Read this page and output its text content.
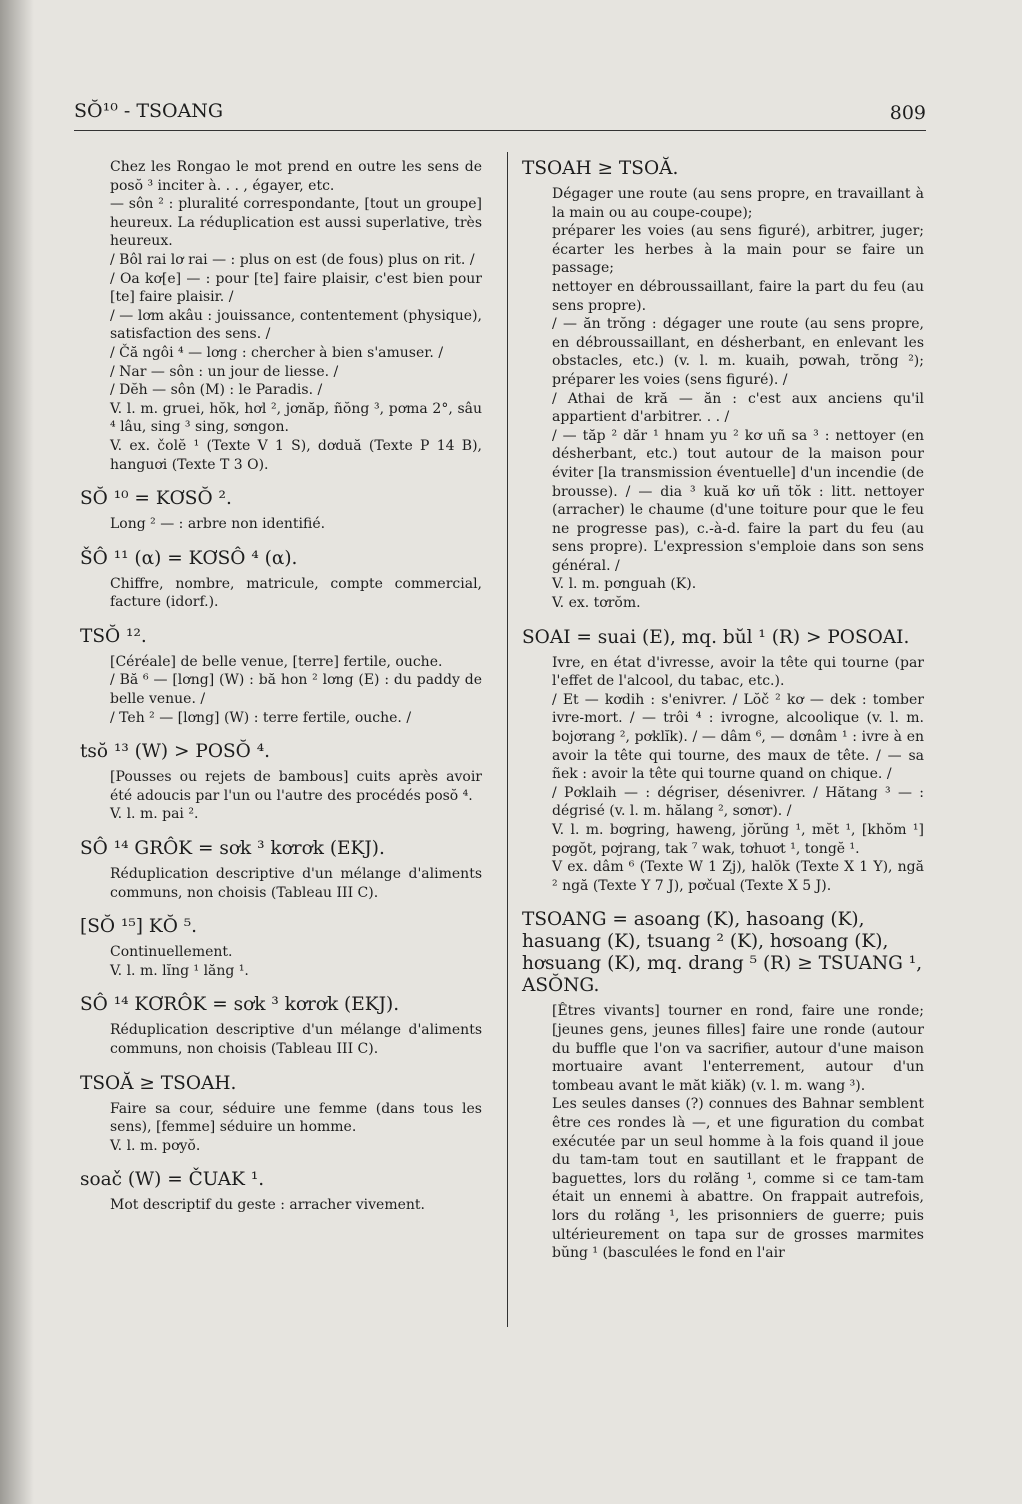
SŎ¹⁰ - TSOANG	809

Chez les Rongao le mot prend en outre les sens de posŏ ³ inciter à. . . , égayer, etc.

— sôn ² : pluralité correspondante, [tout un groupe] heureux. La réduplication est aussi superlative, très heureux.

/ Bôl rai lơ rai — : plus on est (de fous) plus on rit. /

/ Oa kơ[e] — : pour [te] faire plaisir, c'est bien pour [te] faire plaisir. /

/ — lơm akâu : jouissance, contentement (physique), satisfaction des sens. /

/ Čă ngôi ⁴ — lơng : chercher à bien s'amuser. /

/ Nar — sôn : un jour de liesse. /

/ Dĕh — sôn (M) : le Paradis. /

V. l. m. gruei, hŏk, hơl ², jơnăp, ñŏng ³, pơma 2°, sâu ⁴ lâu, sing ³ sing, sơngon.

V. ex. čolĕ ¹ (Texte V 1 S), dơduă (Texte P 14 B), hanguơi (Texte T 3 O).

SŎ ¹⁰ = KƠSŎ ².

Long ² — : arbre non identifié.

ŠÔ ¹¹ (α) = KƠSÔ ⁴ (α).

Chiffre, nombre, matricule, compte commercial, facture (idorf.).

TSŎ ¹².

[Céréale] de belle venue, [terre] fertile, ouche.

/ Bă ⁶ — [lơng] (W) : bă hon ² lơng (E) : du paddy de belle venue. /

/ Teh ² — [lơng] (W) : terre fertile, ouche. /

tsŏ ¹³ (W) > POSŎ ⁴.

[Pousses ou rejets de bambous] cuits après avoir été adoucis par l'un ou l'autre des procédés posŏ ⁴.

V. l. m. pai ².

SÔ ¹⁴ GRÔK = sơk ³ kơrơk (EKJ).

Réduplication descriptive d'un mélange d'aliments communs, non choisis (Tableau III C).

[SŎ ¹⁵] KŎ ⁵.

Continuellement.

V. l. m. lĭng ¹ lăng ¹.

SÔ ¹⁴ KƠRÔK = sơk ³ kơrơk (EKJ).

Réduplication descriptive d'un mélange d'aliments communs, non choisis (Tableau III C).

TSOĂ ≥ TSOAH.

Faire sa cour, séduire une femme (dans tous les sens), [femme] séduire un homme.

V. l. m. pơyŏ.

soač (W) = ČUAK ¹.

Mot descriptif du geste : arracher vivement.

TSOAH ≥ TSOĂ.

Dégager une route (au sens propre, en travaillant à la main ou au coupe-coupe);

préparer les voies (au sens figuré), arbitrer, juger; écarter les herbes à la main pour se faire un passage;

nettoyer en débroussaillant, faire la part du feu (au sens propre).

/ — ăn trŏng : dégager une route (au sens propre, en débroussaillant, en désherbant, en enlevant les obstacles, etc.) (v. l. m. kuaih, pơwah, trŏng ²); préparer les voies (sens figuré). /

/ Athai de kră — ăn : c'est aux anciens qu'il appartient d'arbitrer. . . /

/ — tăp ² dăr ¹ hnam yu ² kơ uñ sa ³ : nettoyer (en désherbant, etc.) tout autour de la maison pour éviter [la transmission éventuelle] d'un incendie (de brousse). / — dia ³ kuă kơ uñ tŏk : litt. nettoyer (arracher) le chaume (d'une toiture pour que le feu ne progresse pas), c.-à-d. faire la part du feu (au sens propre). L'expression s'emploie dans son sens général. /

V. l. m. pơnguah (K).

V. ex. tơrŏm.

SOAI = suai (E), mq. bŭl ¹ (R) > POSOAI.

Ivre, en état d'ivresse, avoir la tête qui tourne (par l'effet de l'alcool, du tabac, etc.).

/ Et — kơdih : s'enivrer. / Lŏč ² kơ — dek : tomber ivre-mort. / — trôi ⁴ : ivrogne, alcoolique (v. l. m. bojơrang ², pơklĭk). / — dâm ⁶, — dơnâm ¹ : ivre à en avoir la tête qui tourne, des maux de tête. / — sa ñek : avoir la tête qui tourne quand on chique. /

/ Pơklaih — : dégriser, désenivrer. / Hătang ³ — : dégrisé (v. l. m. hălang ², sơnơr). /

V. l. m. bơgring, haweng, jŏrŭng ¹, mĕt ¹, [khŏm ¹] pơgŏt, pơjrang, tak ⁷ wak, tơhuơt ¹, tongĕ ¹.

V ex. dâm ⁶ (Texte W 1 Zj), halŏk (Texte X 1 Y), ngă ² ngă (Texte Y 7 J), pơčual (Texte X 5 J).

TSOANG = asoang (K), hasoang (K), hasuang (K), tsuang ² (K), hơsoang (K), hơsuang (K), mq. drang ⁵ (R) ≥ TSUANG ¹, ASŎNG.

[Êtres vivants] tourner en rond, faire une ronde; [jeunes gens, jeunes filles] faire une ronde (autour du buffle que l'on va sacrifier, autour d'une maison mortuaire avant l'enterrement, autour d'un tombeau avant le măt kiăk) (v. l. m. wang ³).

Les seules danses (?) connues des Bahnar semblent être ces rondes là —, et une figuration du combat exécutée par un seul homme à la fois quand il joue du tam-tam tout en sautillant et le frappant de baguettes, lors du rơlăng ¹, comme si ce tam-tam était un ennemi à abattre. On frappait autrefois, lors du rơlăng ¹, les prisonniers de guerre; puis ultérieurement on tapa sur de grosses marmites bŭng ¹ (basculées le fond en l'air
